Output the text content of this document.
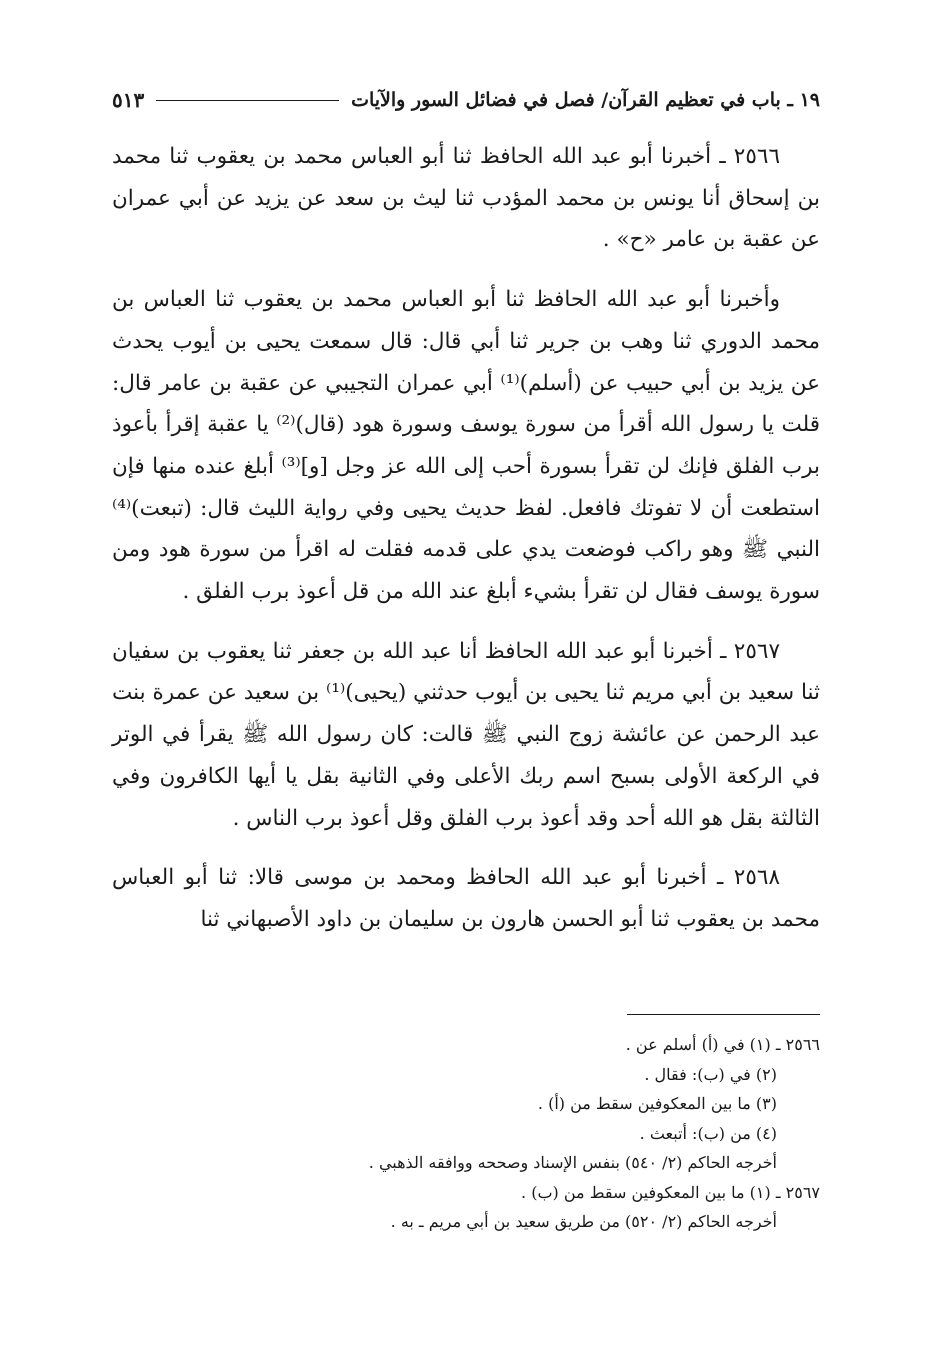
١٩ ـ باب في تعظيم القرآن/ فصل في فضائل السور والآيات
٥١٣

٢٥٦٦ ـ أخبرنا أبو عبد الله الحافظ ثنا أبو العباس محمد بن يعقوب ثنا محمد بن إسحاق أنا يونس بن محمد المؤدب ثنا ليث بن سعد عن يزيد عن أبي عمران عن عقبة بن عامر «ح» .

وأخبرنا أبو عبد الله الحافظ ثنا أبو العباس محمد بن يعقوب ثنا العباس بن محمد الدوري ثنا وهب بن جرير ثنا أبي قال: قال سمعت يحيى بن أيوب يحدث عن يزيد بن أبي حبيب عن (أسلم)⁽¹⁾ أبي عمران التجيبي عن عقبة بن عامر قال: قلت يا رسول الله أقرأ من سورة يوسف وسورة هود (قال)⁽²⁾ يا عقبة إقرأ بأعوذ برب الفلق فإنك لن تقرأ بسورة أحب إلى الله عز وجل [و]⁽³⁾ أبلغ عنده منها فإن استطعت أن لا تفوتك فافعل. لفظ حديث يحيى وفي رواية الليث قال: (تبعت)⁽⁴⁾ النبي ﷺ وهو راكب فوضعت يدي على قدمه فقلت له اقرأ من سورة هود ومن سورة يوسف فقال لن تقرأ بشيء أبلغ عند الله من قل أعوذ برب الفلق .

٢٥٦٧ ـ أخبرنا أبو عبد الله الحافظ أنا عبد الله بن جعفر ثنا يعقوب بن سفيان ثنا سعيد بن أبي مريم ثنا يحيى بن أيوب حدثني (يحيى)⁽¹⁾ بن سعيد عن عمرة بنت عبد الرحمن عن عائشة زوج النبي ﷺ قالت: كان رسول الله ﷺ يقرأ في الوتر في الركعة الأولى بسبح اسم ربك الأعلى وفي الثانية بقل يا أيها الكافرون وفي الثالثة بقل هو الله أحد وقد أعوذ برب الفلق وقل أعوذ برب الناس .

٢٥٦٨ ـ أخبرنا أبو عبد الله الحافظ ومحمد بن موسى قالا: ثنا أبو العباس محمد بن يعقوب ثنا أبو الحسن هارون بن سليمان بن داود الأصبهاني ثنا

٢٥٦٦ ـ (١) في (أ) أسلم عن .

(٢) في (ب): فقال .

(٣) ما بين المعكوفين سقط من (أ) .

(٤) من (ب): أتبعث .

أخرجه الحاكم (٢/ ٥٤٠) بنفس الإسناد وصححه ووافقه الذهبي .

٢٥٦٧ ـ (١) ما بين المعكوفين سقط من (ب) .

أخرجه الحاكم (٢/ ٥٢٠) من طريق سعيد بن أبي مريم ـ به .
